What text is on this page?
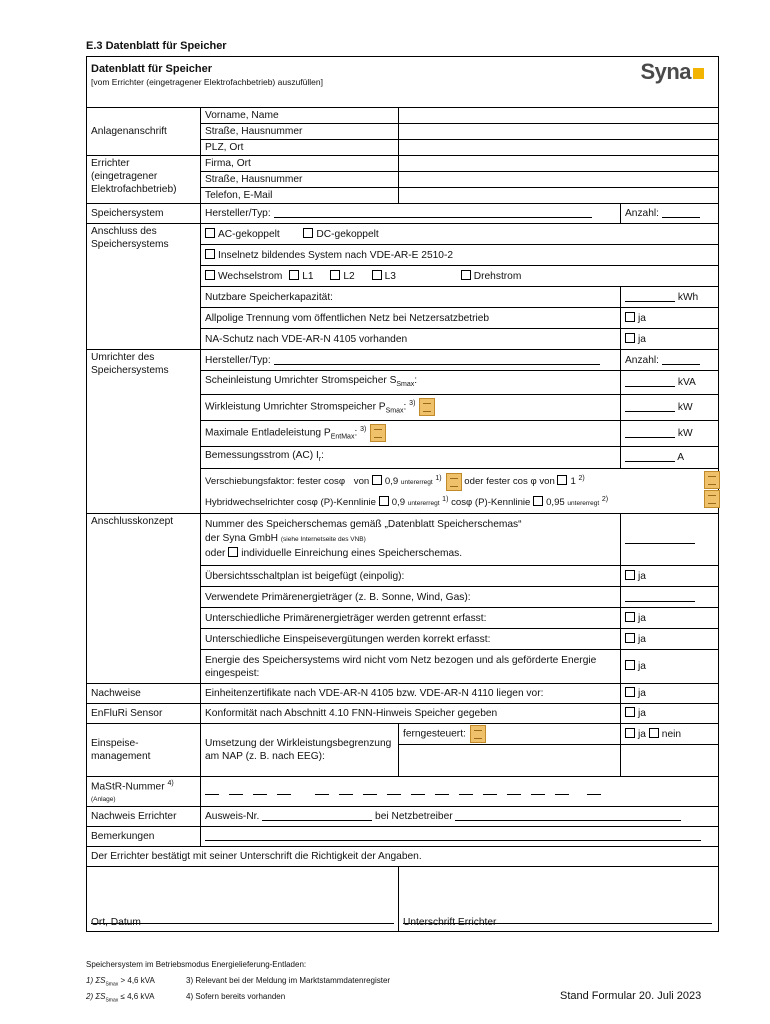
E.3 Datenblatt für Speicher
Datenblatt für Speicher
[vom Errichter (eingetragener Elektrofachbetrieb) auszufüllen] Syna			

Anlagenanschrift	Vorname, Name		
	Straße, Hausnummer		
	PLZ, Ort		
Errichter
(eingetragener
Elektrofachbetrieb)	Firma, Ort		
	Straße, Hausnummer		
	Telefon, E-Mail		
Speichersystem	Hersteller/Typ:		Anzahl:
Anschluss des
Speichersystems	AC-gekoppelt DC-gekoppelt		
	Inselnetz bildendes System nach VDE-AR-E 2510-2		
	Wechselstrom L1 L2 L3 Drehstrom		
	Nutzbare Speicherkapazität:		kWh
	Allpolige Trennung vom öffentlichen Netz bei Netzersatzbetrieb		ja
	NA-Schutz nach VDE-AR-N 4105 vorhanden		ja
Umrichter des
Speichersystems	Hersteller/Typ:		Anzahl:
	Scheinleistung Umrichter Stromspeicher $S_{Smax}$:		kVA
	Wirkleistung Umrichter Stromspeicher $P_{Smax}$: $^{3)}$		kW
	Maximale Entladeleistung $P_{EntMax}$: $^{3)}$		kW
	Bemessungsstrom (AC) $I_r$:		A

	Verschiebungsfaktor: fester cosφ von 0,9 untererregt $^{1)}$ oder fester cos φ von 1 $^{2)}$
Hybridwechselrichter cosφ (P)-Kennlinie 0,9 untererregt $^{1)}$ cosφ (P)-Kennlinie 0,95 untererregt $^{2)}$

Anschlusskonzept	Nummer des Speicherschemas gemäß „Datenblatt Speicherschemas“
der Syna GmbH (siehe Internetseite des VNB)
oder individuelle Einreichung eines Speicherschemas.		

	Übersichtsschaltplan ist beigefügt (einpolig):		ja
	Verwendete Primärenergieträger (z. B. Sonne, Wind, Gas):		
	Unterschiedliche Primärenergieträger werden getrennt erfasst:		ja
	Unterschiedliche Einspeisevergütungen werden korrekt erfasst:		ja
	Energie des Speichersystems wird nicht vom Netz bezogen und als geförderte Energie eingespeist:		ja
Nachweise	Einheitenzertifikate nach VDE-AR-N 4105 bzw. VDE-AR-N 4110 liegen vor:		ja
EnFluRi Sensor	Konformität nach Abschnitt 4.10 FNN-Hinweis Speicher gegeben		ja
Einspeise-
management	Umsetzung der Wirkleistungsbegrenzung am NAP (z. B. nach EEG):	ferngesteuert:	ja nein

MaStR-Nummer $^{4)}$
(Anlage)			
Nachweis Errichter	Ausweis-Nr. bei Netzbetreiber		
Bemerkungen			
Der Errichter bestätigt mit seiner Unterschrift die Richtigkeit der Angaben.			

Ort, Datum		Unterschrift Errichter	
Speichersystem im Betriebsmodus Energielieferung-Entladen:
1) $\Sigma S_{Smax} > 4,6$ kVA	3) Relevant bei der Meldung im Marktstammdatenregister
2) $\Sigma S_{Smax} \le 4,6$ kVA	4) Sofern bereits vorhanden	Stand Formular 20. Juli 2023
